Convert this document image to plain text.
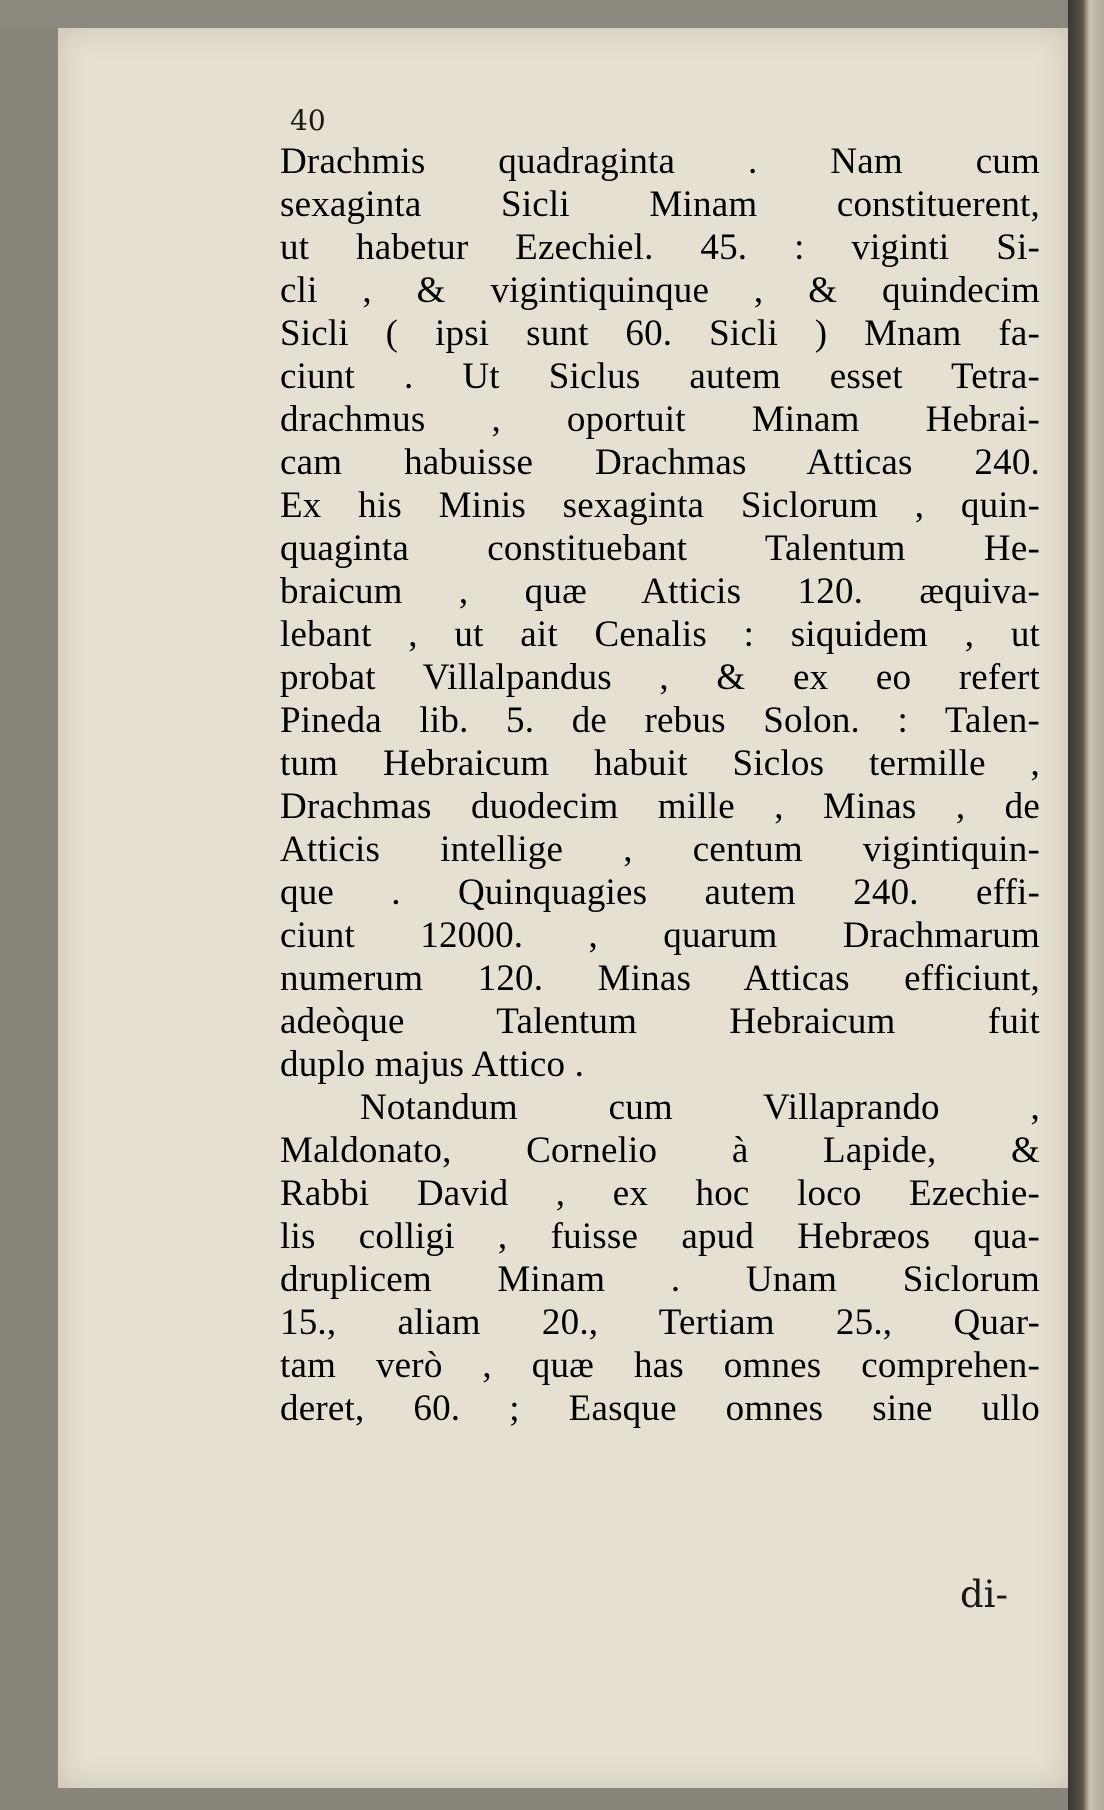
40
Drachmis quadraginta . Nam cum
sexaginta Sicli Minam constituerent,
ut habetur Ezechiel. 45. : viginti Si-
cli , & vigintiquinque , & quindecim
Sicli ( ipsi sunt 60. Sicli ) Mnam fa-
ciunt . Ut Siclus autem esset Tetra-
drachmus , oportuit Minam Hebrai-
cam habuisse Drachmas Atticas 240.
Ex his Minis sexaginta Siclorum , quin-
quaginta constituebant Talentum He-
braicum , quæ Atticis 120. æquiva-
lebant , ut ait Cenalis : siquidem , ut
probat Villalpandus , & ex eo refert
Pineda lib. 5. de rebus Solon. : Talen-
tum Hebraicum habuit Siclos termille ,
Drachmas duodecim mille , Minas , de
Atticis intellige , centum vigintiquin-
que . Quinquagies autem 240. effi-
ciunt 12000. , quarum Drachmarum
numerum 120. Minas Atticas efficiunt,
adeòque Talentum Hebraicum fuit
duplo majus Attico .
Notandum cum Villaprando ,
Maldonato, Cornelio à Lapide, &
Rabbi David , ex hoc loco Ezechie-
lis colligi , fuisse apud Hebræos qua-
druplicem Minam . Unam Siclorum
15., aliam 20., Tertiam 25., Quar-
tam verò , quæ has omnes comprehen-
deret, 60. ; Easque omnes sine ullo
di-
